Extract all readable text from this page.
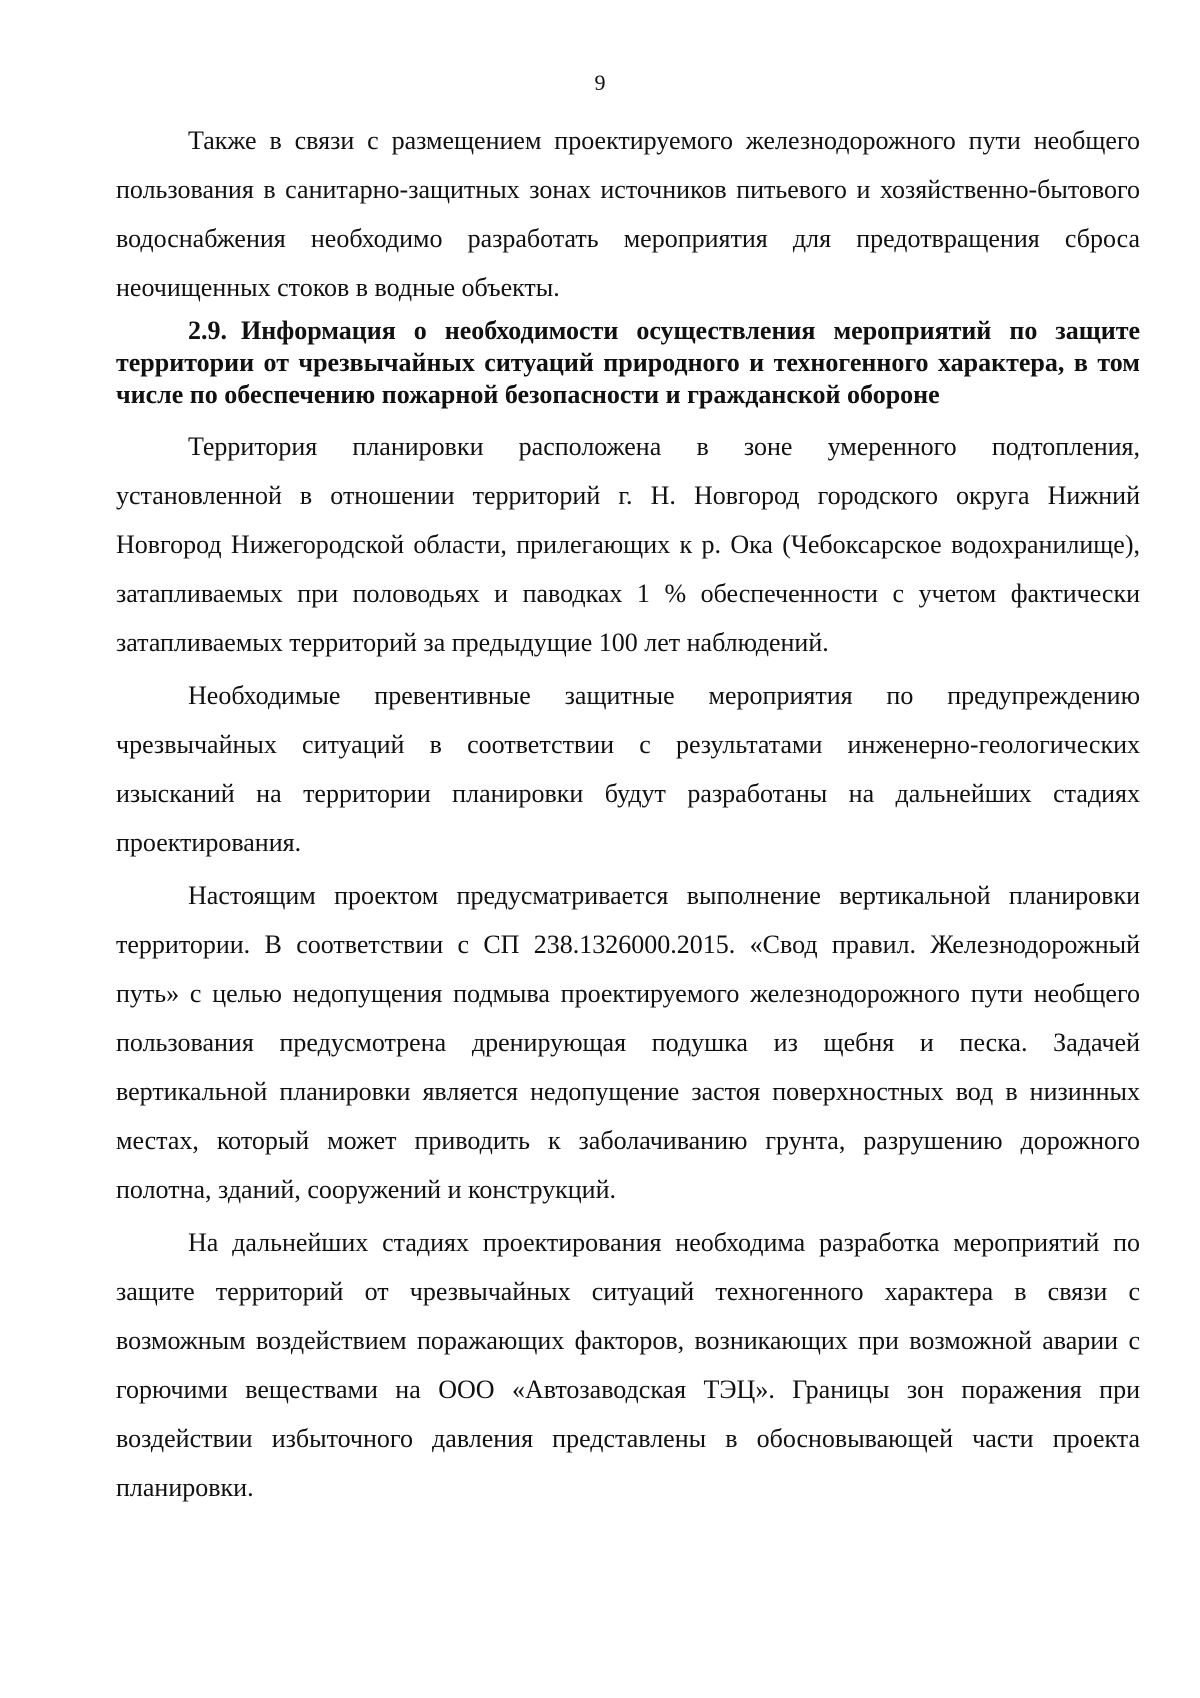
9

Также в связи с размещением проектируемого железнодорожного пути необщего пользования в санитарно-защитных зонах источников питьевого и хозяйственно-бытового водоснабжения необходимо разработать мероприятия для предотвращения сброса неочищенных стоков в водные объекты.

2.9. Информация о необходимости осуществления мероприятий по защите территории от чрезвычайных ситуаций природного и техногенного характера, в том числе по обеспечению пожарной безопасности и гражданской обороне

Территория планировки расположена в зоне умеренного подтопления, установленной в отношении территорий г. Н. Новгород городского округа Нижний Новгород Нижегородской области, прилегающих к р. Ока (Чебоксарское водохранилище), затапливаемых при половодьях и паводках 1 % обеспеченности с учетом фактически затапливаемых территорий за предыдущие 100 лет наблюдений.

Необходимые превентивные защитные мероприятия по предупреждению чрезвычайных ситуаций в соответствии с результатами инженерно-геологических изысканий на территории планировки будут разработаны на дальнейших стадиях проектирования.

Настоящим проектом предусматривается выполнение вертикальной планировки территории. В соответствии с СП 238.1326000.2015. «Свод правил. Железнодорожный путь» с целью недопущения подмыва проектируемого железнодорожного пути необщего пользования предусмотрена дренирующая подушка из щебня и песка. Задачей вертикальной планировки является недопущение застоя поверхностных вод в низинных местах, который может приводить к заболачиванию грунта, разрушению дорожного полотна, зданий, сооружений и конструкций.

На дальнейших стадиях проектирования необходима разработка мероприятий по защите территорий от чрезвычайных ситуаций техногенного характера в связи с возможным воздействием поражающих факторов, возникающих при возможной аварии с горючими веществами на ООО «Автозаводская ТЭЦ». Границы зон поражения при воздействии избыточного давления представлены в обосновывающей части проекта планировки.
